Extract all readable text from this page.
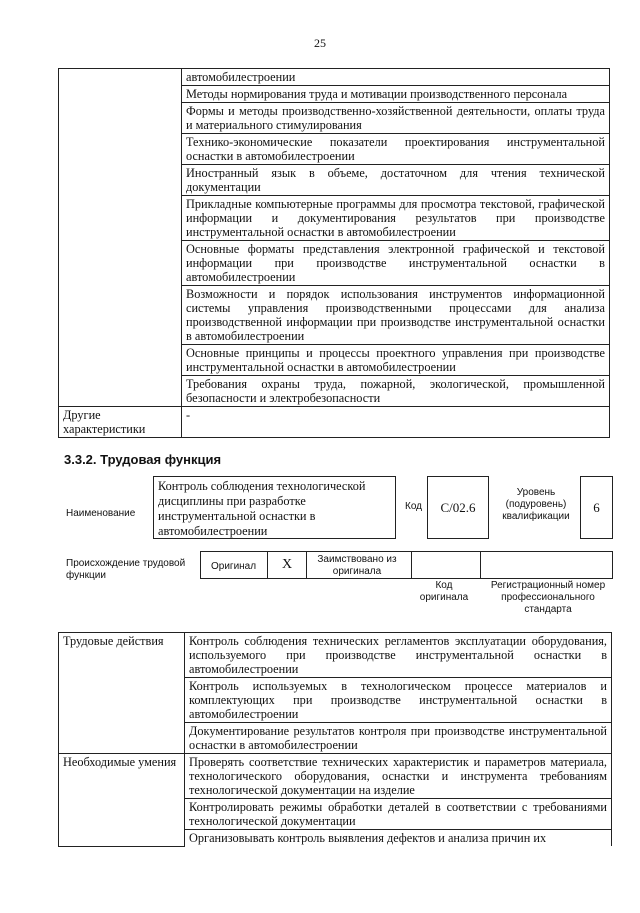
25
	автомобилестроении
	Методы нормирования труда и мотивации производственного персонала
	Формы и методы производственно-хозяйственной деятельности, оплаты труда и материального стимулирования
	Технико-экономические показатели проектирования инструментальной оснастки в автомобилестроении
	Иностранный язык в объеме, достаточном для чтения технической документации
	Прикладные компьютерные программы для просмотра текстовой, графической информации и документирования результатов при производстве инструментальной оснастки в автомобилестроении
	Основные форматы представления электронной графической и текстовой информации при производстве инструментальной оснастки в автомобилестроении
	Возможности и порядок использования инструментов информационной системы управления производственными процессами для анализа производственной информации при производстве инструментальной оснастки в автомобилестроении
	Основные принципы и процессы проектного управления при производстве инструментальной оснастки в автомобилестроении
	Требования охраны труда, пожарной, экологической, промышленной безопасности и электробезопасности
Другие характеристики	-
3.3.2. Трудовая функция
Наименование
Контроль соблюдения технологической дисциплины при разработке инструментальной оснастки в автомобилестроении
Код C/02.6
Уровень (подуровень) квалификации
6
Происхождение трудовой функции
Оригинал X	Заимствовано из оригинала
Код оригинала
Регистрационный номер профессионального стандарта
Трудовые действия	Контроль соблюдения технических регламентов эксплуатации оборудования, используемого при производстве инструментальной оснастки в автомобилестроении
	Контроль используемых в технологическом процессе материалов и комплектующих при производстве инструментальной оснастки в автомобилестроении
	Документирование результатов контроля при производстве инструментальной оснастки в автомобилестроении
Необходимые умения	Проверять соответствие технических характеристик и параметров материала, технологического оборудования, оснастки и инструмента требованиям технологической документации на изделие
	Контролировать режимы обработки деталей в соответствии с требованиями технологической документации
	Организовывать контроль выявления дефектов и анализа причин их
